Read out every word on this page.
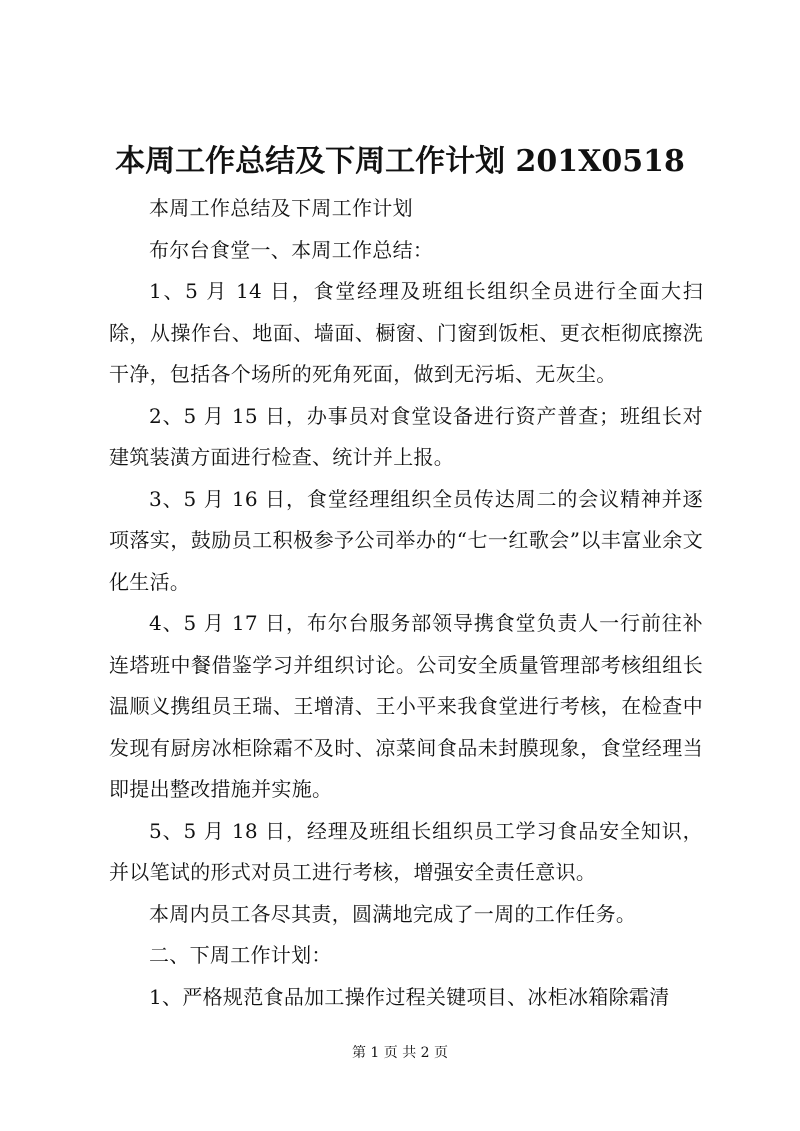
本周工作总结及下周工作计划 201X0518

本周工作总结及下周工作计划

布尔台食堂一、本周工作总结：

1、5 月 14 日，食堂经理及班组长组织全员进行全面大扫除，从操作台、地面、墙面、橱窗、门窗到饭柜、更衣柜彻底擦洗干净，包括各个场所的死角死面，做到无污垢、无灰尘。

2、5 月 15 日，办事员对食堂设备进行资产普查；班组长对建筑装潢方面进行检查、统计并上报。

3、5 月 16 日，食堂经理组织全员传达周二的会议精神并逐项落实，鼓励员工积极参予公司举办的“七一红歌会”以丰富业余文化生活。

4、5 月 17 日，布尔台服务部领导携食堂负责人一行前往补连塔班中餐借鉴学习并组织讨论。公司安全质量管理部考核组组长温顺义携组员王瑞、王增清、王小平来我食堂进行考核，在检查中发现有厨房冰柜除霜不及时、凉菜间食品未封膜现象，食堂经理当即提出整改措施并实施。

5、5 月 18 日，经理及班组长组织员工学习食品安全知识，并以笔试的形式对员工进行考核，增强安全责任意识。

本周内员工各尽其责，圆满地完成了一周的工作任务。

二、下周工作计划：

1、严格规范食品加工操作过程关键项目、冰柜冰箱除霜清

第 1 页 共 2 页
